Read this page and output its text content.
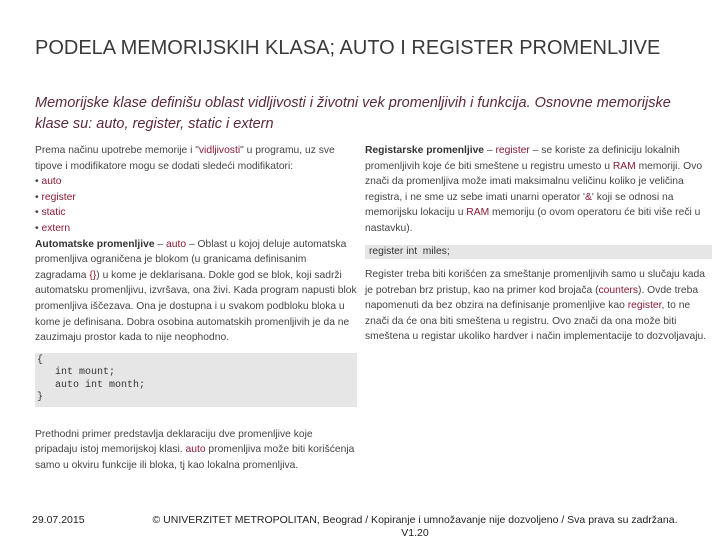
PODELA MEMORIJSKIH KLASA; AUTO I REGISTER PROMENLJIVE

Memorijske klase definišu oblast vidljivosti i životni vek promenljivih i funkcija. Osnovne memorijske klase su: auto, register, static i extern

Prema načinu upotrebe memorije i "vidljivosti" u programu, uz sve tipove i modifikatore mogu se dodati sledeći modifikatori:

• auto
• register
• static
• extern

Automatske promenljive – auto – Oblast u kojoj deluje automatska promenljiva ograničena je blokom (u granicama definisanim zagradama {}) u kome je deklarisana. Dokle god se blok, koji sadrži automatsku promenljivu, izvršava, ona živi. Kada program napusti blok promenljiva iščezava. Ona je dostupna i u svakom podbloku bloka u kome je definisana. Dobra osobina automatskih promenljivih je da ne zauzimaju prostor kada to nije neophodno.

{
int mount;
auto int month;
}

Prethodni primer predstavlja deklaraciju dve promenljive koje pripadaju istoj memorijskoj klasi. auto promenljiva može biti korišćenja samo u okviru funkcije ili bloka, tj kao lokalna promenljiva.

Registarske promenljive – register – se koriste za definiciju lokalnih promenljivih koje će biti smeštene u registru umesto u RAM memoriji. Ovo znači da promenljiva može imati maksimalnu veličinu koliko je veličina registra, i ne sme uz sebe imati unarni operator '&' koji se odnosi na memorijsku lokaciju u RAM memoriju (o ovom operatoru će biti više reči u nastavku).

register int  miles;

Register treba biti korišćen za smeštanje promenljivih samo u slučaju kada je potreban brz pristup, kao na primer kod brojača (counters). Ovde treba napomenuti da bez obzira na definisanje promenljive kao register, to ne znači da će ona biti smeštena u registru. Ovo znači da ona može biti smeštena u registar ukoliko hardver i način implementacije to dozvoljavaju.

29.07.2015	© UNIVERZITET METROPOLITAN, Beograd / Kopiranje i umnožavanje nije dozvoljeno / Sva prava su zadržana.
V1.20
